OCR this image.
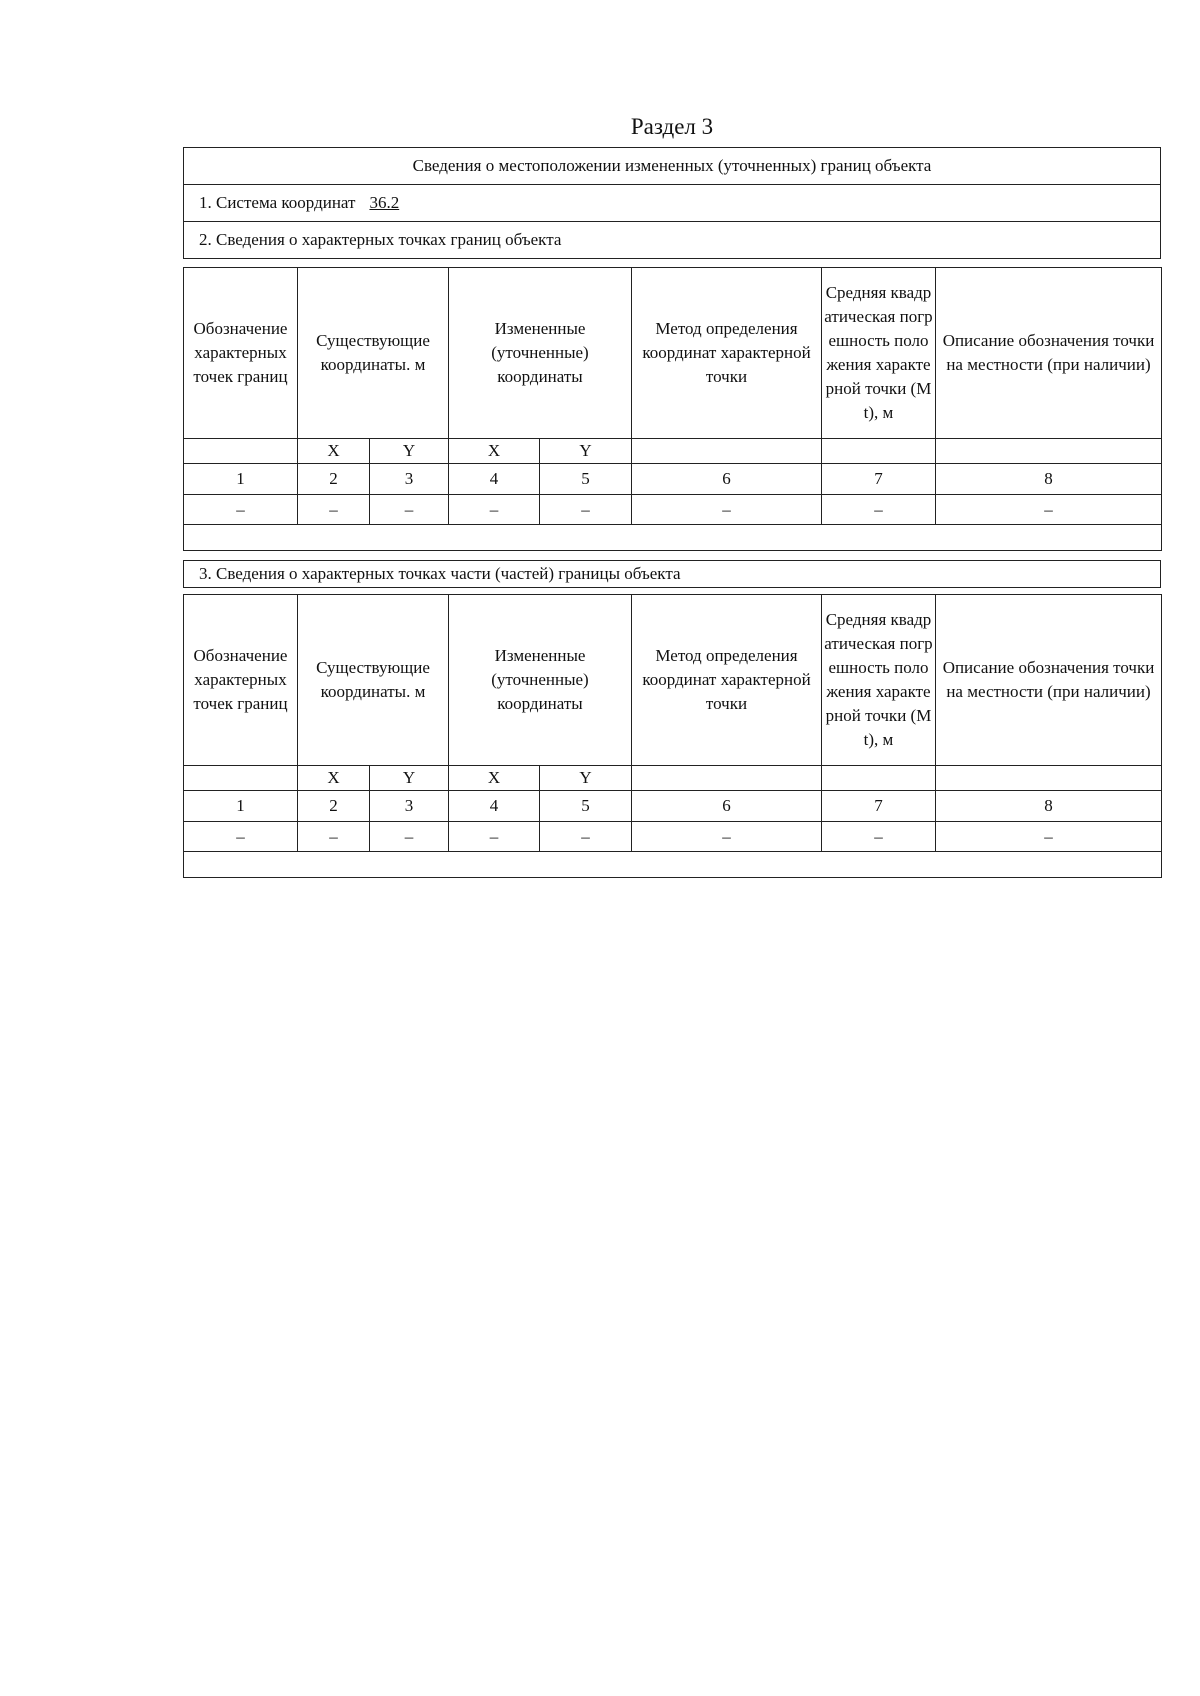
Раздел 3
Сведения о местоположении измененных (уточненных) границ объекта
1. Система координат 36.2
2. Сведения о характерных точках границ объекта
Обозначение характерных точек границ	Существующие координаты. м		Измененные (уточненные) координаты		Метод определения координат характерной точки	Средняя квадратическая погрешность положения характерной точки (Mt), м	Описание обозначения точки на местности (при наличии)

	X	Y	X	Y			
1	2	3	4	5	6	7	8
–	–	–	–	–	–	–	–

3. Сведения о характерных точках части (частей) границы объекта
Обозначение характерных точек границ	Существующие координаты. м		Измененные (уточненные) координаты		Метод определения координат характерной точки	Средняя квадратическая погрешность положения характерной точки (Mt), м	Описание обозначения точки на местности (при наличии)

	X	Y	X	Y			
1	2	3	4	5	6	7	8
–	–	–	–	–	–	–	–
